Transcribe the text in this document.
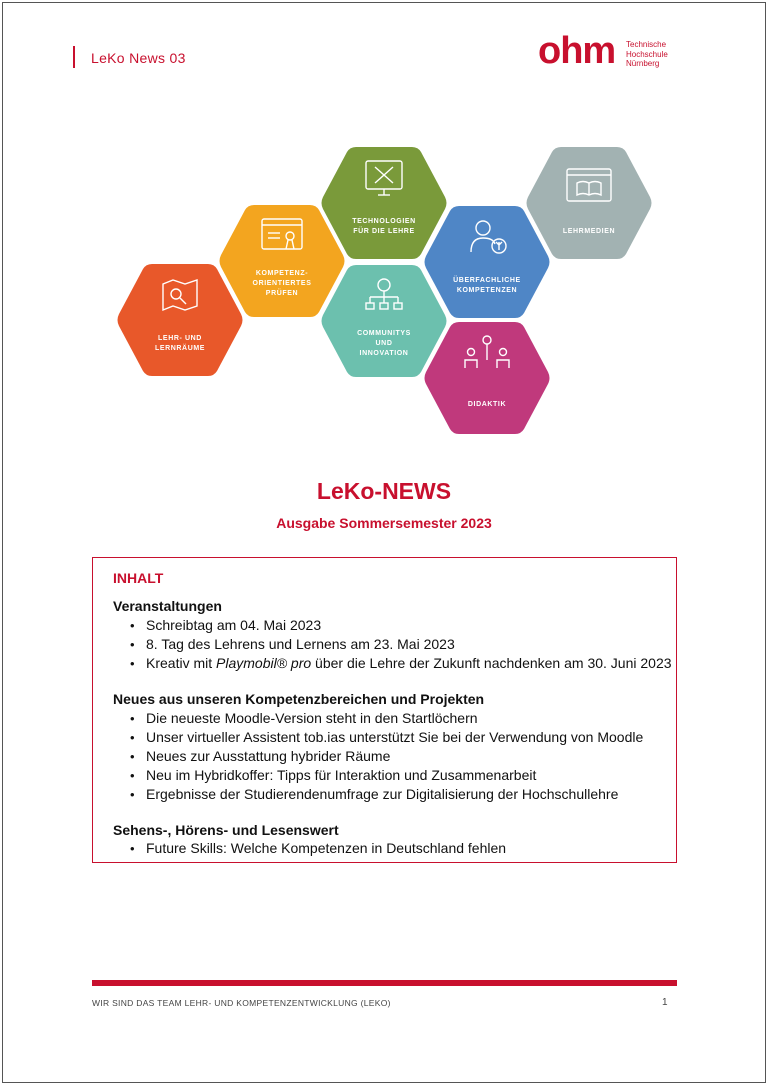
LeKo News 03	ohm Technische
Hochschule
Nürnberg
LEHR- UND
LERNRÄUME
KOMPETENZ-
ORIENTIERTES
PRÜFEN
TECHNOLOGIEN
FÜR DIE LEHRE
COMMUNITYS
UND
INNOVATION
ÜBERFACHLICHE
KOMPETENZEN
DIDAKTIK
LEHRMEDIEN
LeKo-NEWS
Ausgabe Sommersemester 2023
INHALT
Veranstaltungen
• Schreibtag am 04. Mai 2023
• 8. Tag des Lehrens und Lernens am 23. Mai 2023
• Kreativ mit Playmobil® pro über die Lehre der Zukunft nachdenken am 30. Juni 2023
Neues aus unseren Kompetenzbereichen und Projekten
• Die neueste Moodle-Version steht in den Startlöchern
• Unser virtueller Assistent tob.ias unterstützt Sie bei der Verwendung von Moodle
• Neues zur Ausstattung hybrider Räume
• Neu im Hybridkoffer: Tipps für Interaktion und Zusammenarbeit
• Ergebnisse der Studierendenumfrage zur Digitalisierung der Hochschullehre
Sehens-, Hörens- und Lesenswert
• Future Skills: Welche Kompetenzen in Deutschland fehlen
WIR SIND DAS TEAM LEHR- UND KOMPETENZENTWICKLUNG (LEKO)	1
